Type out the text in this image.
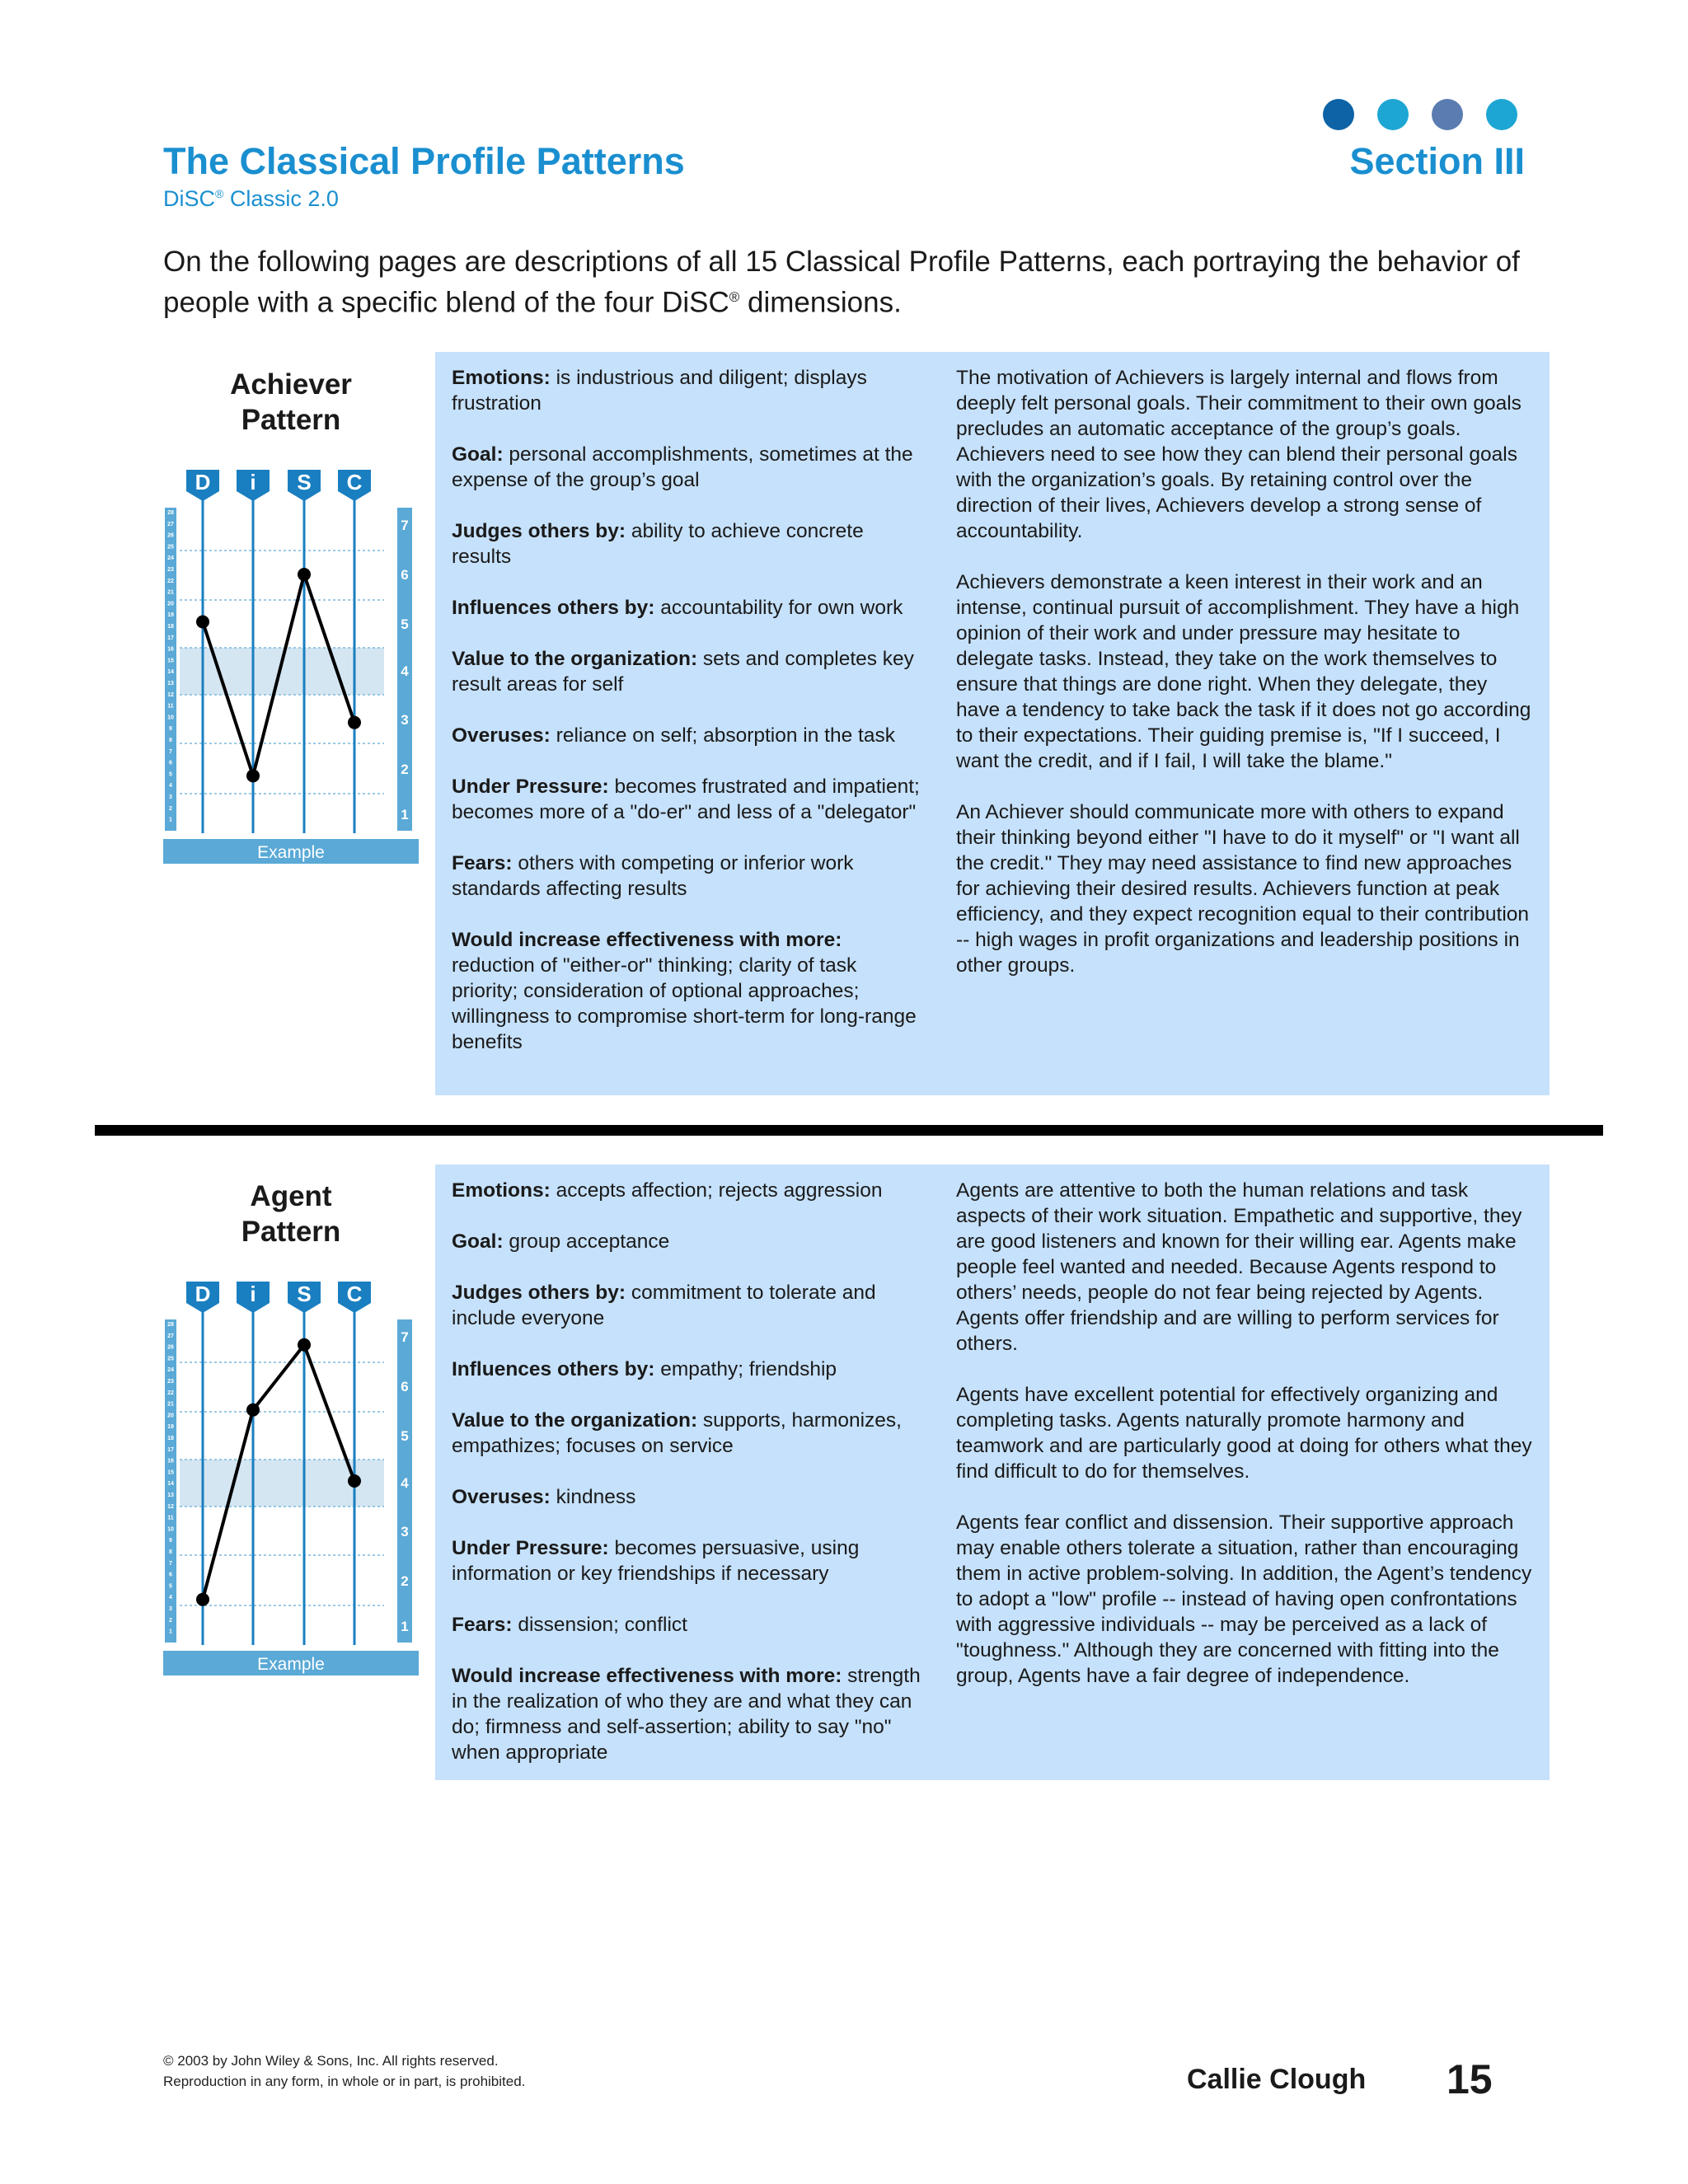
The Classical Profile Patterns	Section III
DiSC® Classic 2.0
On the following pages are descriptions of all 15 Classical Profile Patterns, each portraying the behavior of people with a specific blend of the four DiSC® dimensions.
Achiever
Pattern
28
27
26
25
24
23
22
21
20
19
18
17
16
15
14
13
12
11
10
9
8
7
6
5
4
3
2
1
7
6
5
4
3
2
1
D i S C
Example

Emotions: is industrious and diligent; displays frustration

Goal: personal accomplishments, sometimes at the expense of the group’s goal

Judges others by: ability to achieve concrete results

Influences others by: accountability for own work

Value to the organization: sets and completes key result areas for self

Overuses: reliance on self; absorption in the task

Under Pressure: becomes frustrated and impatient; becomes more of a "do-er" and less of a "delegator"

Fears: others with competing or inferior work standards affecting results

Would increase effectiveness with more:
reduction of "either-or" thinking; clarity of task priority; consideration of optional approaches; willingness to compromise short-term for long-range benefits

The motivation of Achievers is largely internal and flows from deeply felt personal goals. Their commitment to their own goals precludes an automatic acceptance of the group’s goals. Achievers need to see how they can blend their personal goals with the organization’s goals. By retaining control over the direction of their lives, Achievers develop a strong sense of accountability.

Achievers demonstrate a keen interest in their work and an intense, continual pursuit of accomplishment. They have a high opinion of their work and under pressure may hesitate to delegate tasks. Instead, they take on the work themselves to ensure that things are done right. When they delegate, they have a tendency to take back the task if it does not go according to their expectations. Their guiding premise is, "If I succeed, I want the credit, and if I fail, I will take the blame."

An Achiever should communicate more with others to expand their thinking beyond either "I have to do it myself" or "I want all the credit." They may need assistance to find new approaches for achieving their desired results. Achievers function at peak efficiency, and they expect recognition equal to their contribution -- high wages in profit organizations and leadership positions in other groups.

Agent
Pattern
28
27
26
25
24
23
22
21
20
19
18
17
16
15
14
13
12
11
10
9
8
7
6
5
4
3
2
1
7
6
5
4
3
2
1
D i S C
Example

Emotions: accepts affection; rejects aggression

Goal: group acceptance

Judges others by: commitment to tolerate and include everyone

Influences others by: empathy; friendship

Value to the organization: supports, harmonizes, empathizes; focuses on service

Overuses: kindness

Under Pressure: becomes persuasive, using information or key friendships if necessary

Fears: dissension; conflict

Would increase effectiveness with more: strength in the realization of who they are and what they can do; firmness and self-assertion; ability to say "no" when appropriate

Agents are attentive to both the human relations and task aspects of their work situation. Empathetic and supportive, they are good listeners and known for their willing ear. Agents make people feel wanted and needed. Because Agents respond to others’ needs, people do not fear being rejected by Agents. Agents offer friendship and are willing to perform services for others.

Agents have excellent potential for effectively organizing and completing tasks. Agents naturally promote harmony and teamwork and are particularly good at doing for others what they find difficult to do for themselves.

Agents fear conflict and dissension. Their supportive approach may enable others tolerate a situation, rather than encouraging them in active problem-solving. In addition, the Agent’s tendency to adopt a "low" profile -- instead of having open confrontations with aggressive individuals -- may be perceived as a lack of "toughness." Although they are concerned with fitting into the group, Agents have a fair degree of independence.

© 2003 by John Wiley & Sons, Inc. All rights reserved.
Reproduction in any form, in whole or in part, is prohibited.	Callie Clough 15
